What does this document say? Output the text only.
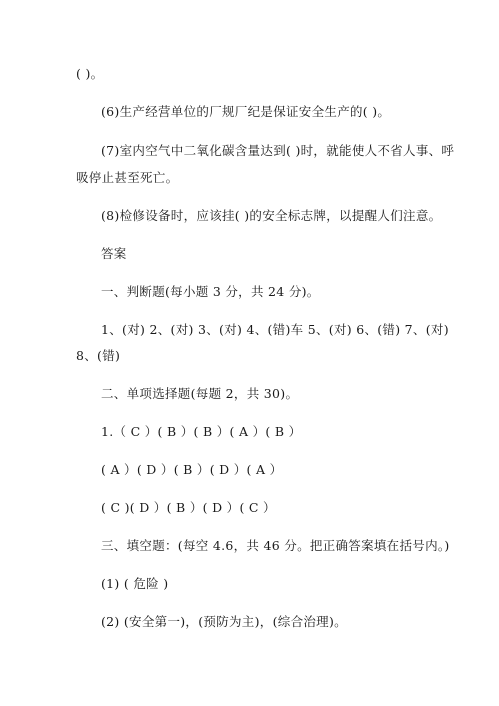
( )。
(6)生产经营单位的厂规厂纪是保证安全生产的( )。
(7)室内空气中二氧化碳含量达到( )时，就能使人不省人事、呼
吸停止甚至死亡。
(8)检修设备时，应该挂( )的安全标志牌，以提醒人们注意。
答案
一、判断题(每小题 3 分，共 24 分)。
1、(对) 2、(对) 3、(对) 4、(错)车 5、(对) 6、(错) 7、(对)
8、(错)
二、单项选择题(每题 2，共 30)。
1.（ C ）( B ）( B ）( A ）( B ）
( A ）( D ）( B ）( D ）( A ）
( C )( D ）( B ）( D ）( C ）
三、填空题：(每空 4.6，共 46 分。把正确答案填在括号内。)
(1) ( 危险 )
(2) (安全第一)，(预防为主)，(综合治理)。
